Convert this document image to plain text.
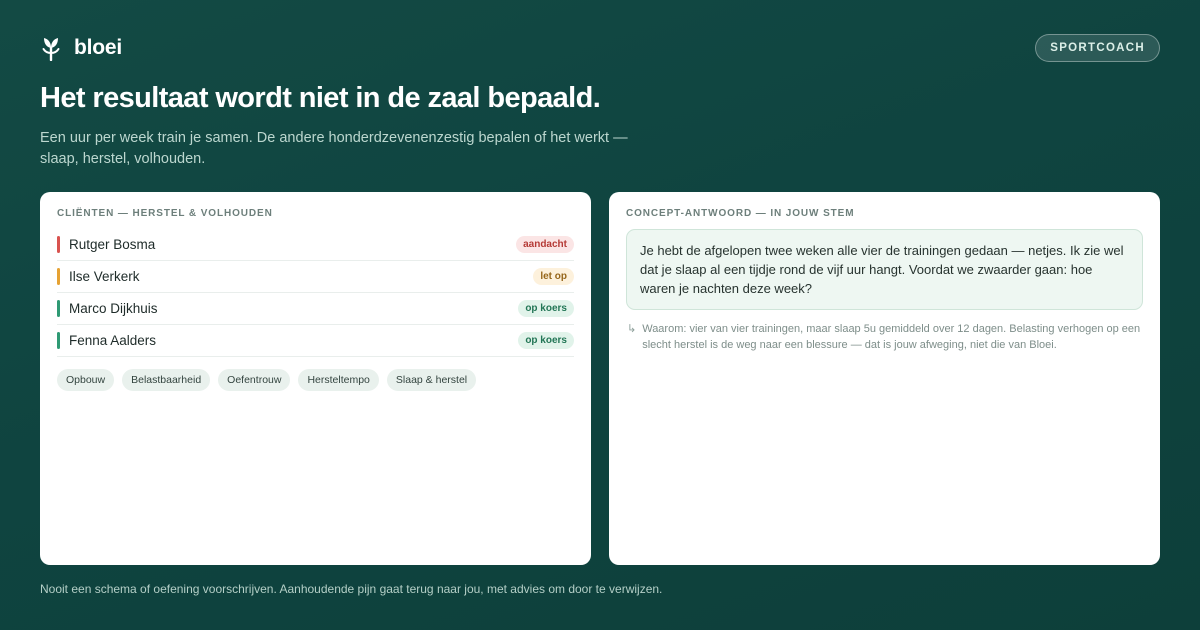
bloei	SPORTCOACH
Het resultaat wordt niet in de zaal bepaald.

Een uur per week train je samen. De andere honderdzevenenzestig bepalen of het werkt — slaap, herstel, volhouden.

CLIËNTEN — HERSTEL & VOLHOUDEN
Rutger Bosma	aandacht
Ilse Verkerk	let op
Marco Dijkhuis	op koers
Fenna Aalders	op koers
Opbouw	Belastbaarheid	Oefentrouw	Hersteltempo	Slaap & herstel
CONCEPT-ANTWOORD — IN JOUW STEM
Je hebt de afgelopen twee weken alle vier de trainingen gedaan — netjes. Ik zie wel dat je slaap al een tijdje rond de vijf uur hangt. Voordat we zwaarder gaan: hoe waren je nachten deze week?
↳ Waarom: vier van vier trainingen, maar slaap 5u gemiddeld over 12 dagen. Belasting verhogen op een slecht herstel is de weg naar een blessure — dat is jouw afweging, niet die van Bloei.

Nooit een schema of oefening voorschrijven. Aanhoudende pijn gaat terug naar jou, met advies om door te verwijzen.
